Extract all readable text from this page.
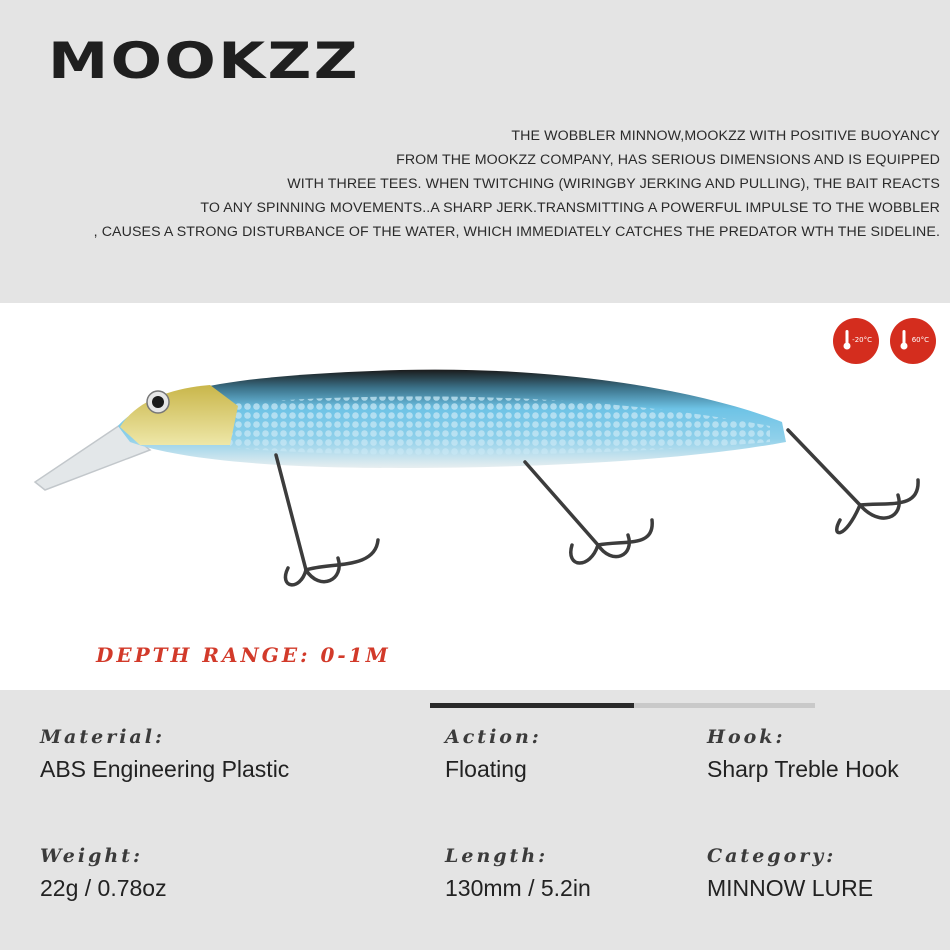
MOOKZZ
THE WOBBLER MINNOW,MOOKZZ WITH POSITIVE BUOYANCY
FROM THE MOOKZZ COMPANY, HAS SERIOUS DIMENSIONS AND IS EQUIPPED
WITH THREE TEES. WHEN TWITCHING (WIRINGBY JERKING AND PULLING), THE BAIT REACTS
TO ANY SPINNING MOVEMENTS..A SHARP JERK.TRANSMITTING A POWERFUL IMPULSE TO THE WOBBLER
, CAUSES A STRONG DISTURBANCE OF THE WATER, WHICH IMMEDIATELY CATCHES THE PREDATOR WTH THE SIDELINE.
-20°C	60°C
DEPTH RANGE: 0-1M
Material:
ABS Engineering Plastic
Action:
Floating
Hook:
Sharp Treble Hook
Weight:
22g / 0.78oz
Length:
130mm / 5.2in
Category:
MINNOW LURE
